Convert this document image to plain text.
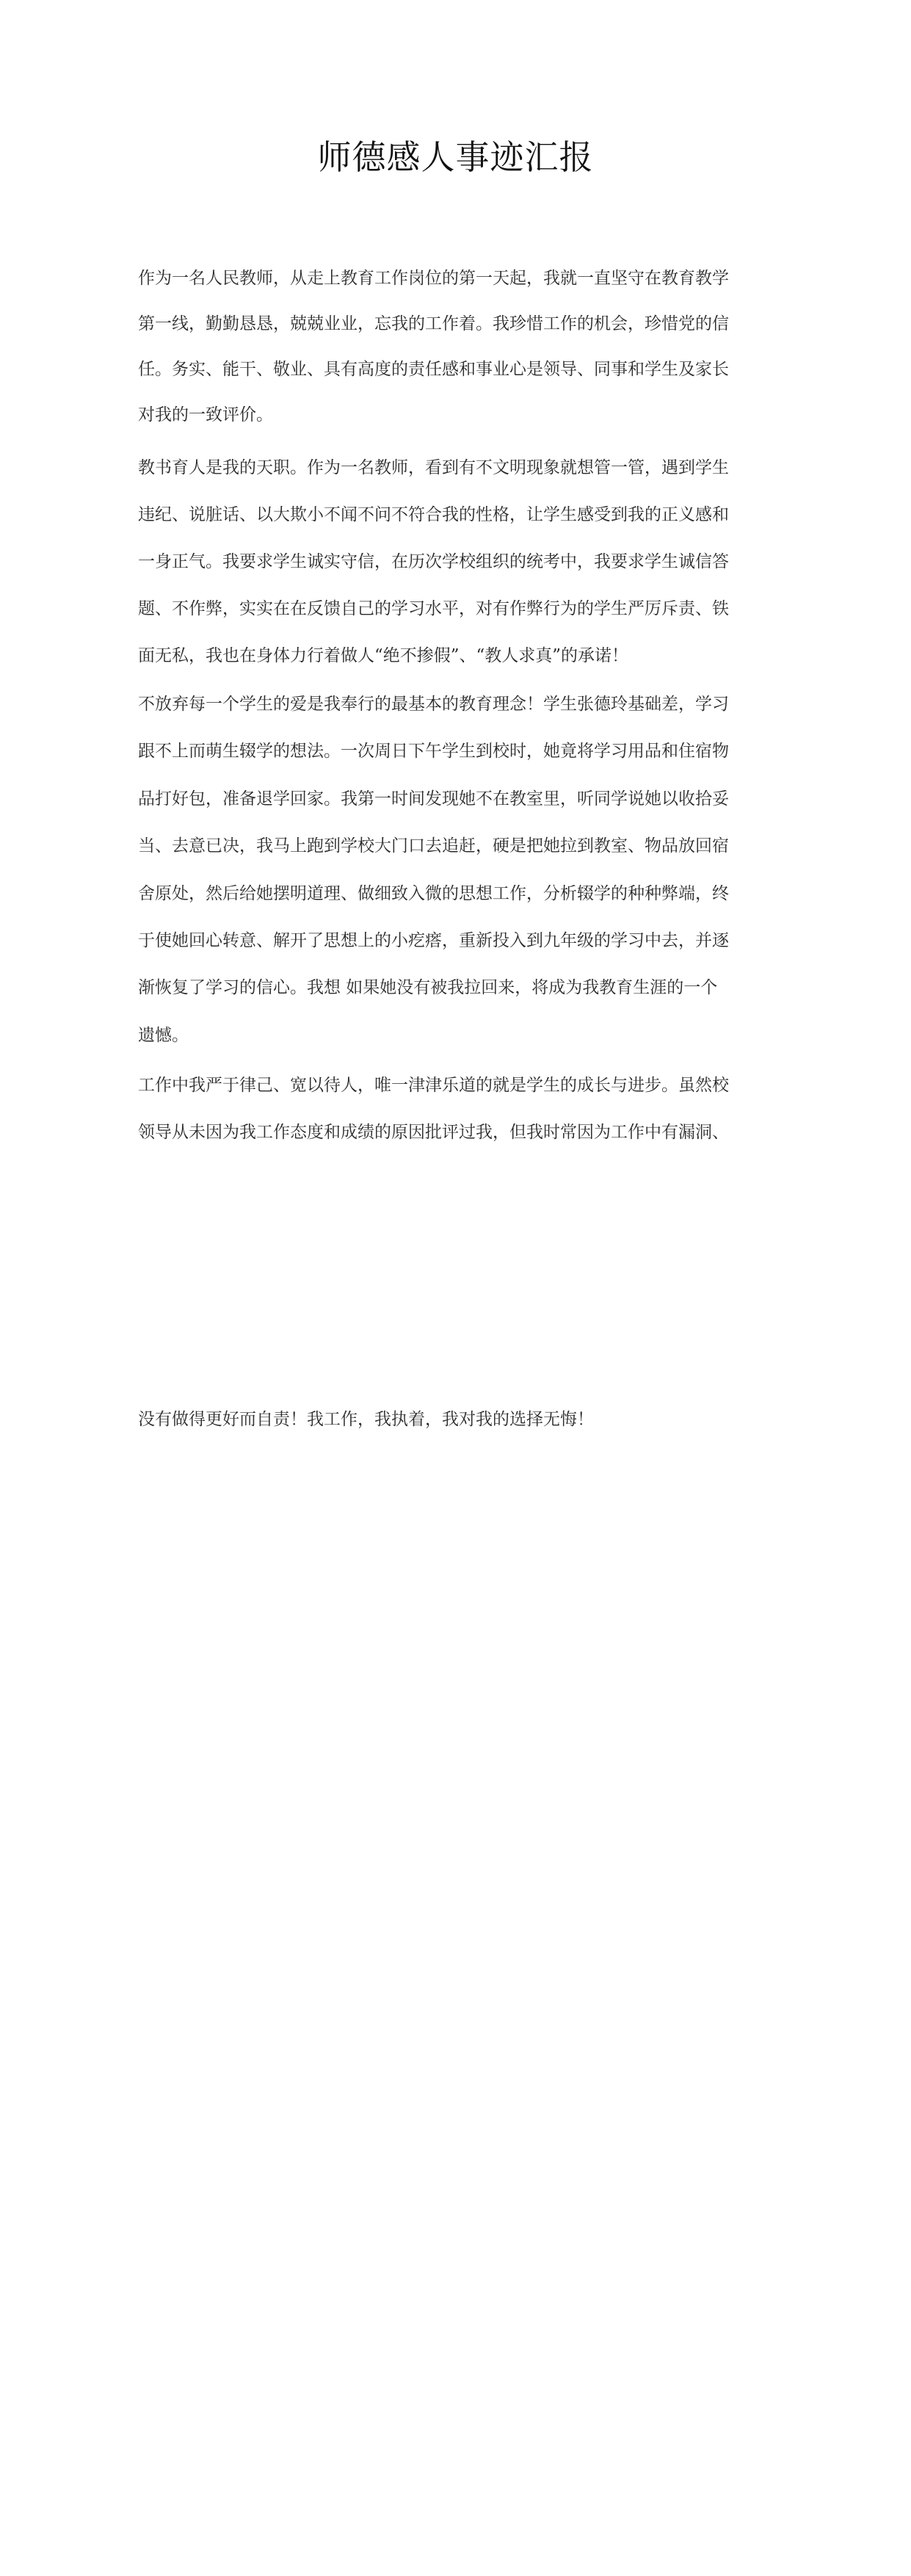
师德感人事迹汇报
作为一名人民教师，从走上教育工作岗位的第一天起，我就一直坚守在教育教学
第一线，勤勤恳恳，兢兢业业，忘我的工作着。我珍惜工作的机会，珍惜党的信
任。务实、能干、敬业、具有高度的责任感和事业心是领导、同事和学生及家长
对我的一致评价。
教书育人是我的天职。作为一名教师，看到有不文明现象就想管一管，遇到学生
违纪、说脏话、以大欺小不闻不问不符合我的性格，让学生感受到我的正义感和
一身正气。我要求学生诚实守信，在历次学校组织的统考中，我要求学生诚信答
题、不作弊，实实在在反馈自己的学习水平，对有作弊行为的学生严厉斥责、铁
面无私，我也在身体力行着做人“绝不掺假”、“教人求真”的承诺！
不放弃每一个学生的爱是我奉行的最基本的教育理念！学生张德玲基础差，学习
跟不上而萌生辍学的想法。一次周日下午学生到校时，她竟将学习用品和住宿物
品打好包，准备退学回家。我第一时间发现她不在教室里，听同学说她以收拾妥
当、去意已决，我马上跑到学校大门口去追赶，硬是把她拉到教室、物品放回宿
舍原处，然后给她摆明道理、做细致入微的思想工作，分析辍学的种种弊端，终
于使她回心转意、解开了思想上的小疙瘩，重新投入到九年级的学习中去，并逐
渐恢复了学习的信心。我想 如果她没有被我拉回来，将成为我教育生涯的一个
遗憾。
工作中我严于律己、宽以待人，唯一津津乐道的就是学生的成长与进步。虽然校
领导从未因为我工作态度和成绩的原因批评过我，但我时常因为工作中有漏洞、
没有做得更好而自责！我工作，我执着，我对我的选择无悔！
